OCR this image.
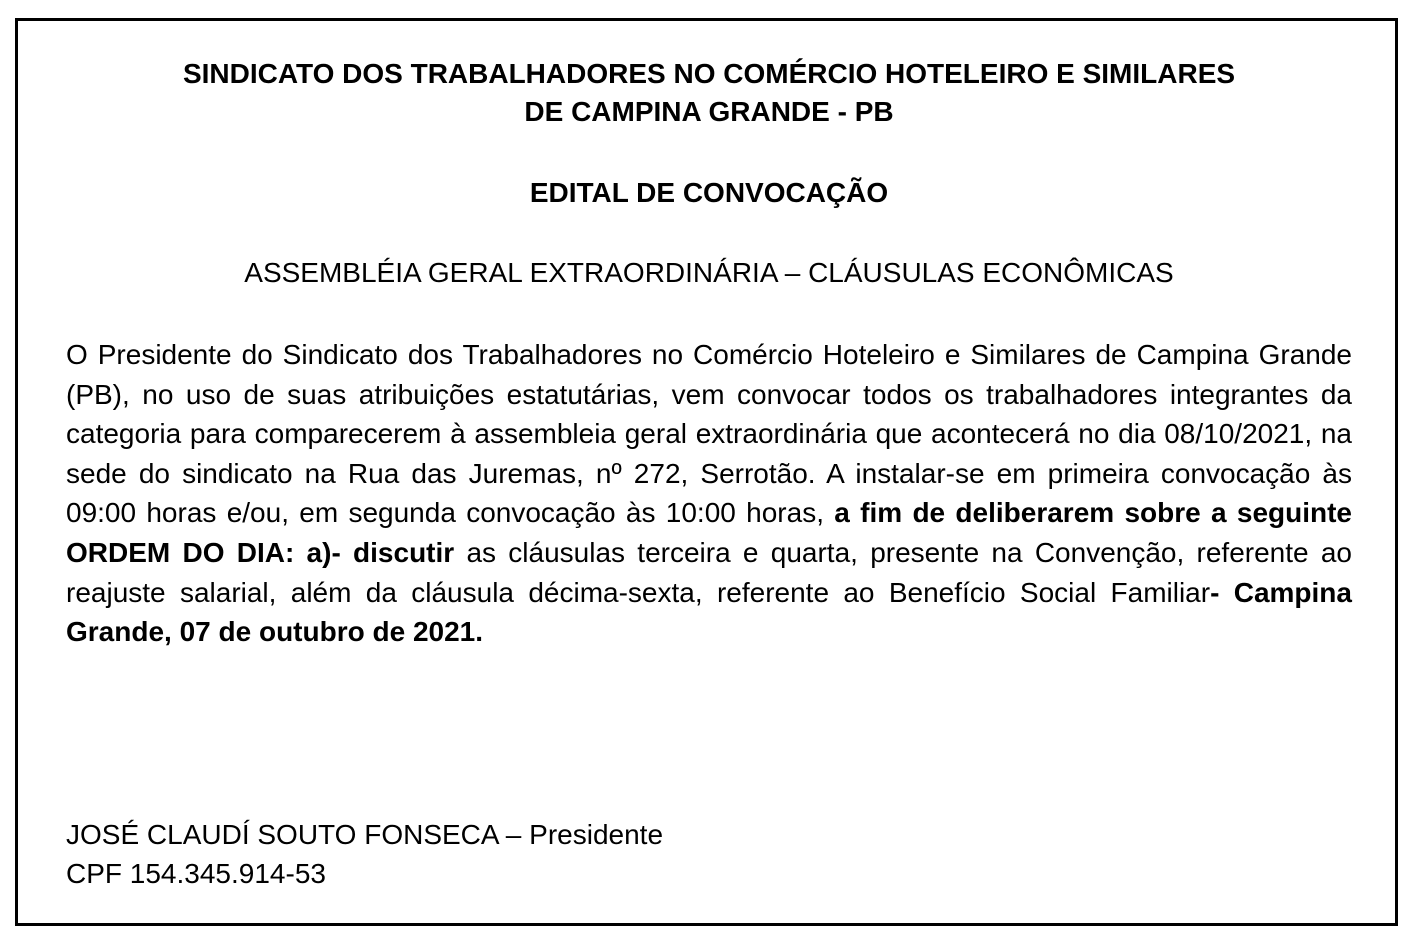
SINDICATO DOS TRABALHADORES NO COMÉRCIO HOTELEIRO E SIMILARES
DE CAMPINA GRANDE - PB
EDITAL DE CONVOCAÇÃO
ASSEMBLÉIA GERAL EXTRAORDINÁRIA – CLÁUSULAS ECONÔMICAS

O Presidente do Sindicato dos Trabalhadores no Comércio Hoteleiro e Similares de Campina Grande (PB), no uso de suas atribuições estatutárias, vem convocar todos os trabalhadores integrantes da categoria para comparecerem à assembleia geral extraordinária que acontecerá no dia 08/10/2021, na sede do sindicato na Rua das Juremas, nº 272, Serrotão. A instalar-se em primeira convocação às 09:00 horas e/ou, em segunda convocação às 10:00 horas, a fim de deliberarem sobre a seguinte ORDEM DO DIA: a)- discutir as cláusulas terceira e quarta, presente na Convenção, referente ao reajuste salarial, além da cláusula décima-sexta, referente ao Benefício Social Familiar- Campina Grande, 07 de outubro de 2021.

JOSÉ CLAUDÍ SOUTO FONSECA – Presidente
CPF 154.345.914-53
